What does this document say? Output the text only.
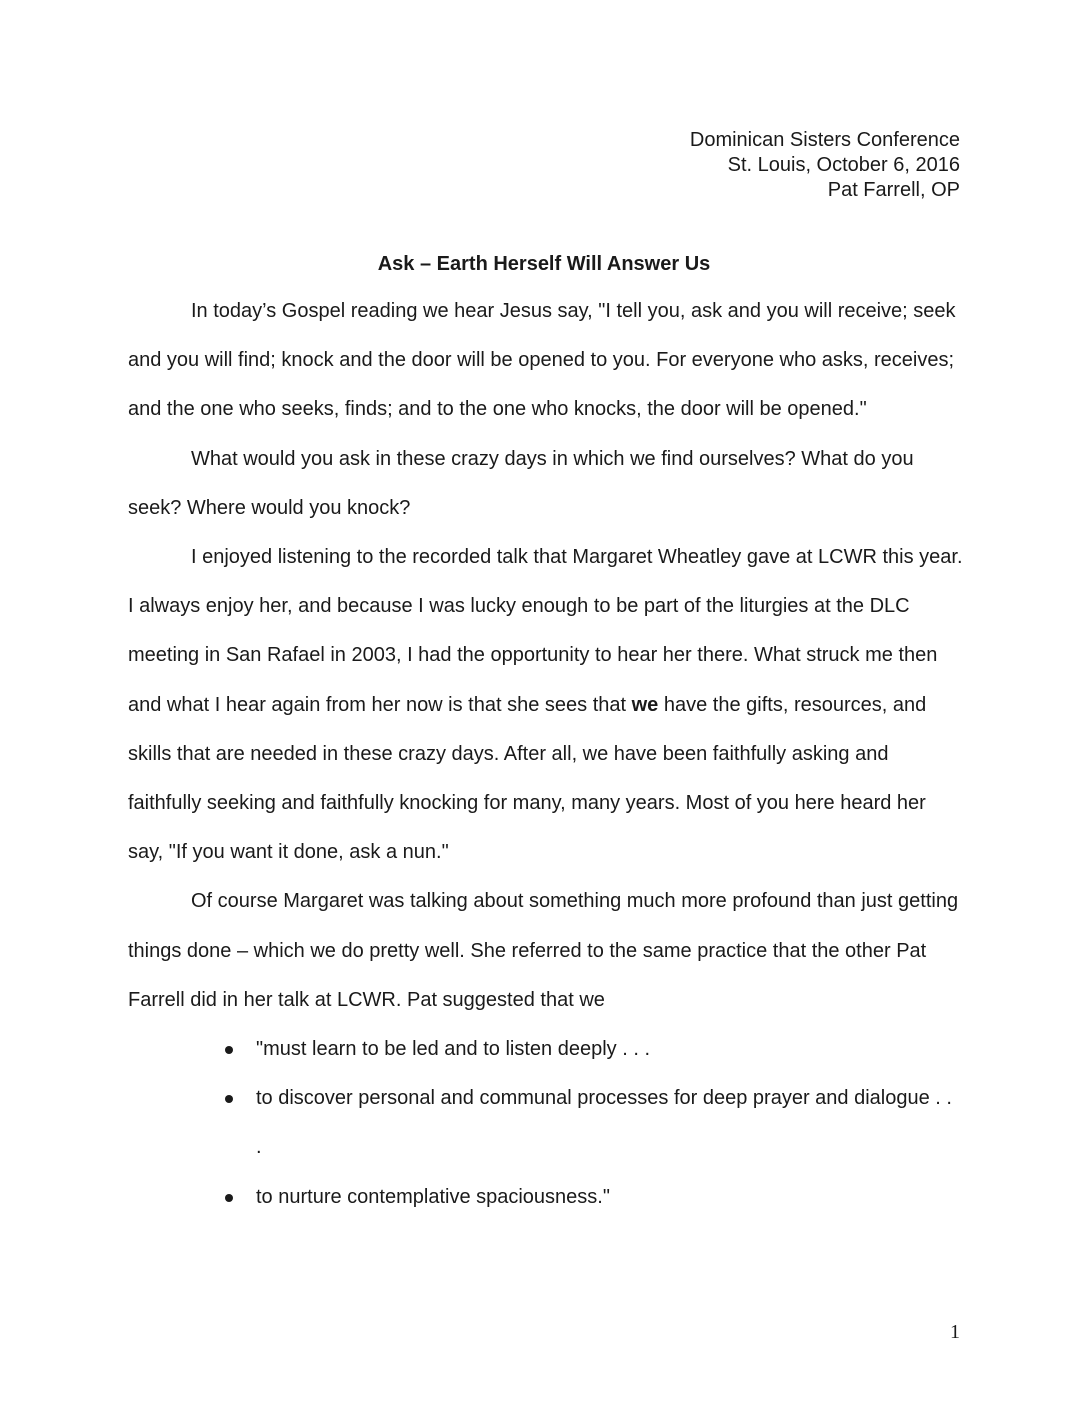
Dominican Sisters Conference
St. Louis, October 6, 2016
Pat Farrell, OP
Ask – Earth Herself Will Answer Us

In today’s Gospel reading we hear Jesus say, "I tell you, ask and you will receive; seek and you will find; knock and the door will be opened to you. For everyone who asks, receives; and the one who seeks, finds; and to the one who knocks, the door will be opened."

What would you ask in these crazy days in which we find ourselves? What do you seek? Where would you knock?

I enjoyed listening to the recorded talk that Margaret Wheatley gave at LCWR this year. I always enjoy her, and because I was lucky enough to be part of the liturgies at the DLC meeting in San Rafael in 2003, I had the opportunity to hear her there. What struck me then and what I hear again from her now is that she sees that we have the gifts, resources, and skills that are needed in these crazy days. After all, we have been faithfully asking and faithfully seeking and faithfully knocking for many, many years. Most of you here heard her say, "If you want it done, ask a nun."

Of course Margaret was talking about something much more profound than just getting things done – which we do pretty well. She referred to the same practice that the other Pat Farrell did in her talk at LCWR. Pat suggested that we

"must learn to be led and to listen deeply . . .
to discover personal and communal processes for deep prayer and dialogue . . .
to nurture contemplative spaciousness."
1
